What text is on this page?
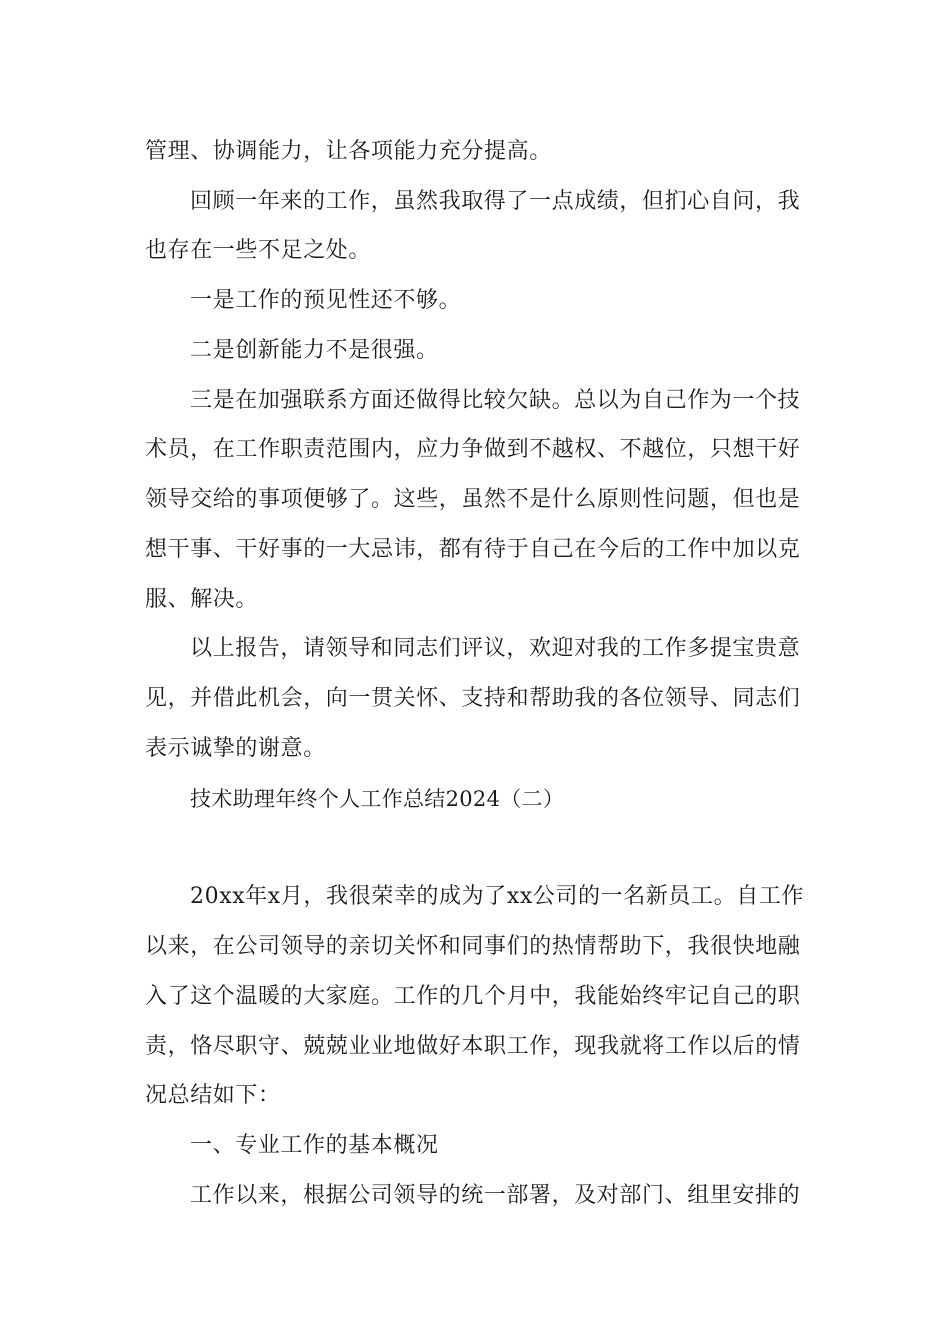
管理、协调能力，让各项能力充分提高。
回顾一年来的工作，虽然我取得了一点成绩，但扪心自问，我
也存在一些不足之处。
一是工作的预见性还不够。
二是创新能力不是很强。
三是在加强联系方面还做得比较欠缺。总以为自己作为一个技
术员，在工作职责范围内，应力争做到不越权、不越位，只想干好
领导交给的事项便够了。这些，虽然不是什么原则性问题，但也是
想干事、干好事的一大忌讳，都有待于自己在今后的工作中加以克
服、解决。
以上报告，请领导和同志们评议，欢迎对我的工作多提宝贵意
见，并借此机会，向一贯关怀、支持和帮助我的各位领导、同志们
表示诚挚的谢意。
技术助理年终个人工作总结2024（二）
20xx年x月，我很荣幸的成为了xx公司的一名新员工。自工作
以来，在公司领导的亲切关怀和同事们的热情帮助下，我很快地融
入了这个温暖的大家庭。工作的几个月中，我能始终牢记自己的职
责，恪尽职守、兢兢业业地做好本职工作，现我就将工作以后的情
况总结如下：
一、专业工作的基本概况
工作以来，根据公司领导的统一部署，及对部门、组里安排的
